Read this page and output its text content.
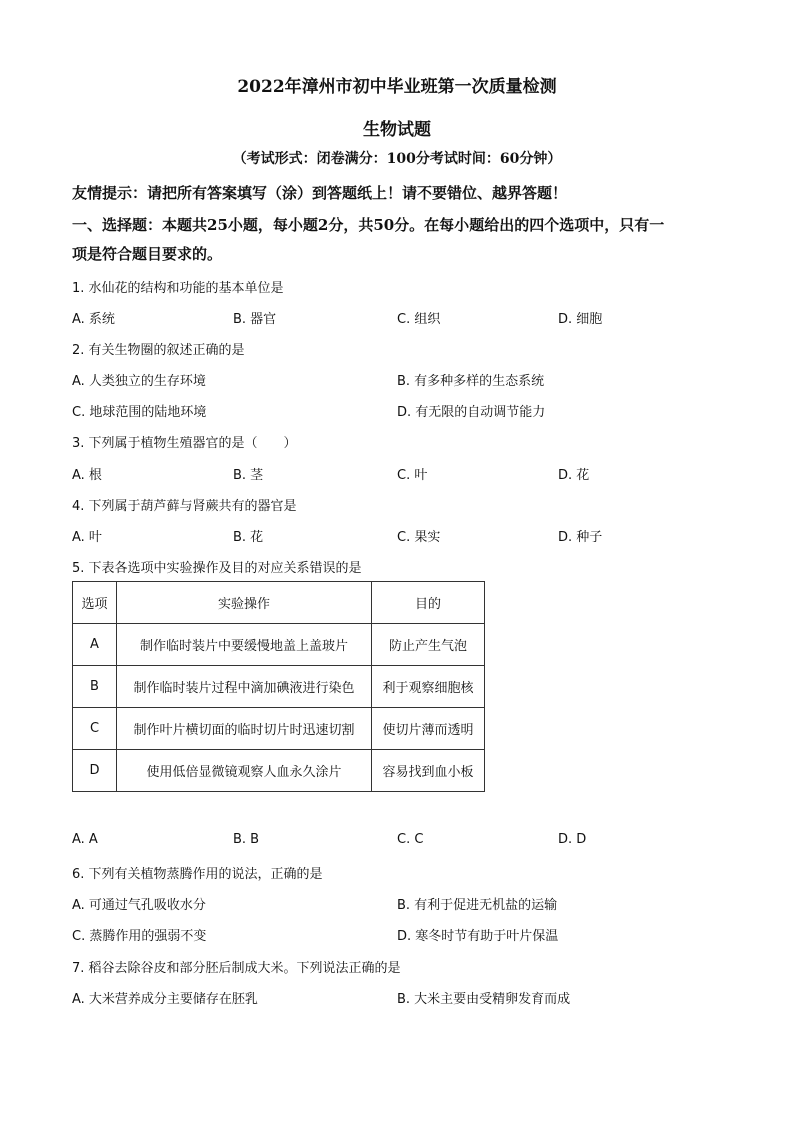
2022年漳州市初中毕业班第一次质量检测
生物试题
（考试形式：闭卷满分：100分考试时间：60分钟）
友情提示：请把所有答案填写（涂）到答题纸上！请不要错位、越界答题！
一、选择题：本题共25小题，每小题2分，共50分。在每小题给出的四个选项中，只有一
项是符合题目要求的。
1. 水仙花的结构和功能的基本单位是
A. 系统	B. 器官	C. 组织	D. 细胞
2. 有关生物圈的叙述正确的是
A. 人类独立的生存环境	B. 有多种多样的生态系统
C. 地球范围的陆地环境	D. 有无限的自动调节能力
3. 下列属于植物生殖器官的是（　　）
A. 根	B. 茎	C. 叶	D. 花
4. 下列属于葫芦藓与肾蕨共有的器官是
A. 叶	B. 花	C. 果实	D. 种子
5. 下表各选项中实验操作及目的对应关系错误的是
选项	实验操作	目的
A	制作临时装片中要缓慢地盖上盖玻片	防止产生气泡
B	制作临时装片过程中滴加碘液进行染色	利于观察细胞核
C	制作叶片横切面的临时切片时迅速切割	使切片薄而透明
D	使用低倍显微镜观察人血永久涂片	容易找到血小板
A. A	B. B	C. C	D. D
6. 下列有关植物蒸腾作用的说法，正确的是
A. 可通过气孔吸收水分	B. 有利于促进无机盐的运输
C. 蒸腾作用的强弱不变	D. 寒冬时节有助于叶片保温
7. 稻谷去除谷皮和部分胚后制成大米。下列说法正确的是
A. 大米营养成分主要储存在胚乳	B. 大米主要由受精卵发育而成
